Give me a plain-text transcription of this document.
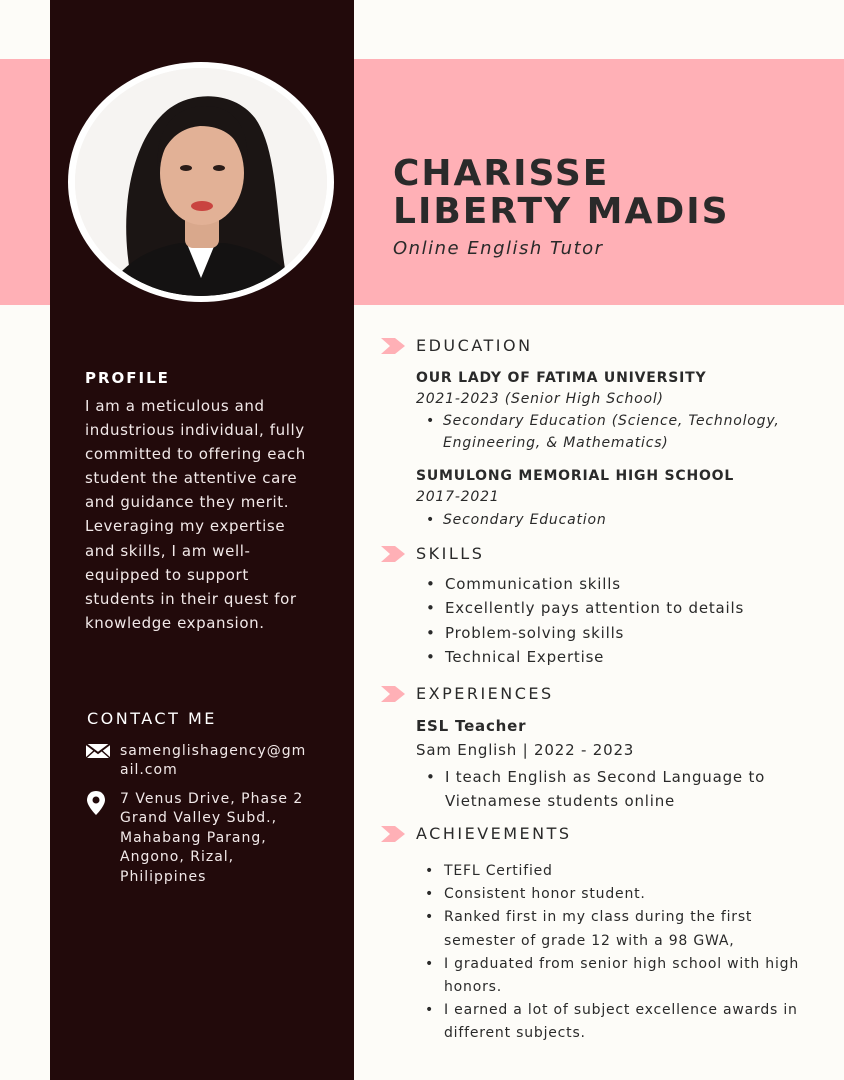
CHARISSE
LIBERTY MADIS
Online English Tutor
PROFILE
I am a meticulous and industrious individual, fully committed to offering each student the attentive care and guidance they merit. Leveraging my expertise and skills, I am well-equipped to support students in their quest for knowledge expansion.
CONTACT ME
samenglishagency@gmail.com
7 Venus Drive, Phase 2 Grand Valley Subd., Mahabang Parang, Angono, Rizal, Philippines
EDUCATION
OUR LADY OF FATIMA UNIVERSITY
2021-2023 (Senior High School)
• Secondary Education (Science, Technology, Engineering, & Mathematics)
SUMULONG MEMORIAL HIGH SCHOOL
2017-2021
• Secondary Education
SKILLS
• Communication skills
• Excellently pays attention to details
• Problem-solving skills
• Technical Expertise
EXPERIENCES
ESL Teacher
Sam English | 2022 - 2023
• I teach English as Second Language to Vietnamese students online
ACHIEVEMENTS
• TEFL Certified
• Consistent honor student.
• Ranked first in my class during the first semester of grade 12 with a 98 GWA,
• I graduated from senior high school with high honors.
• I earned a lot of subject excellence awards in different subjects.
